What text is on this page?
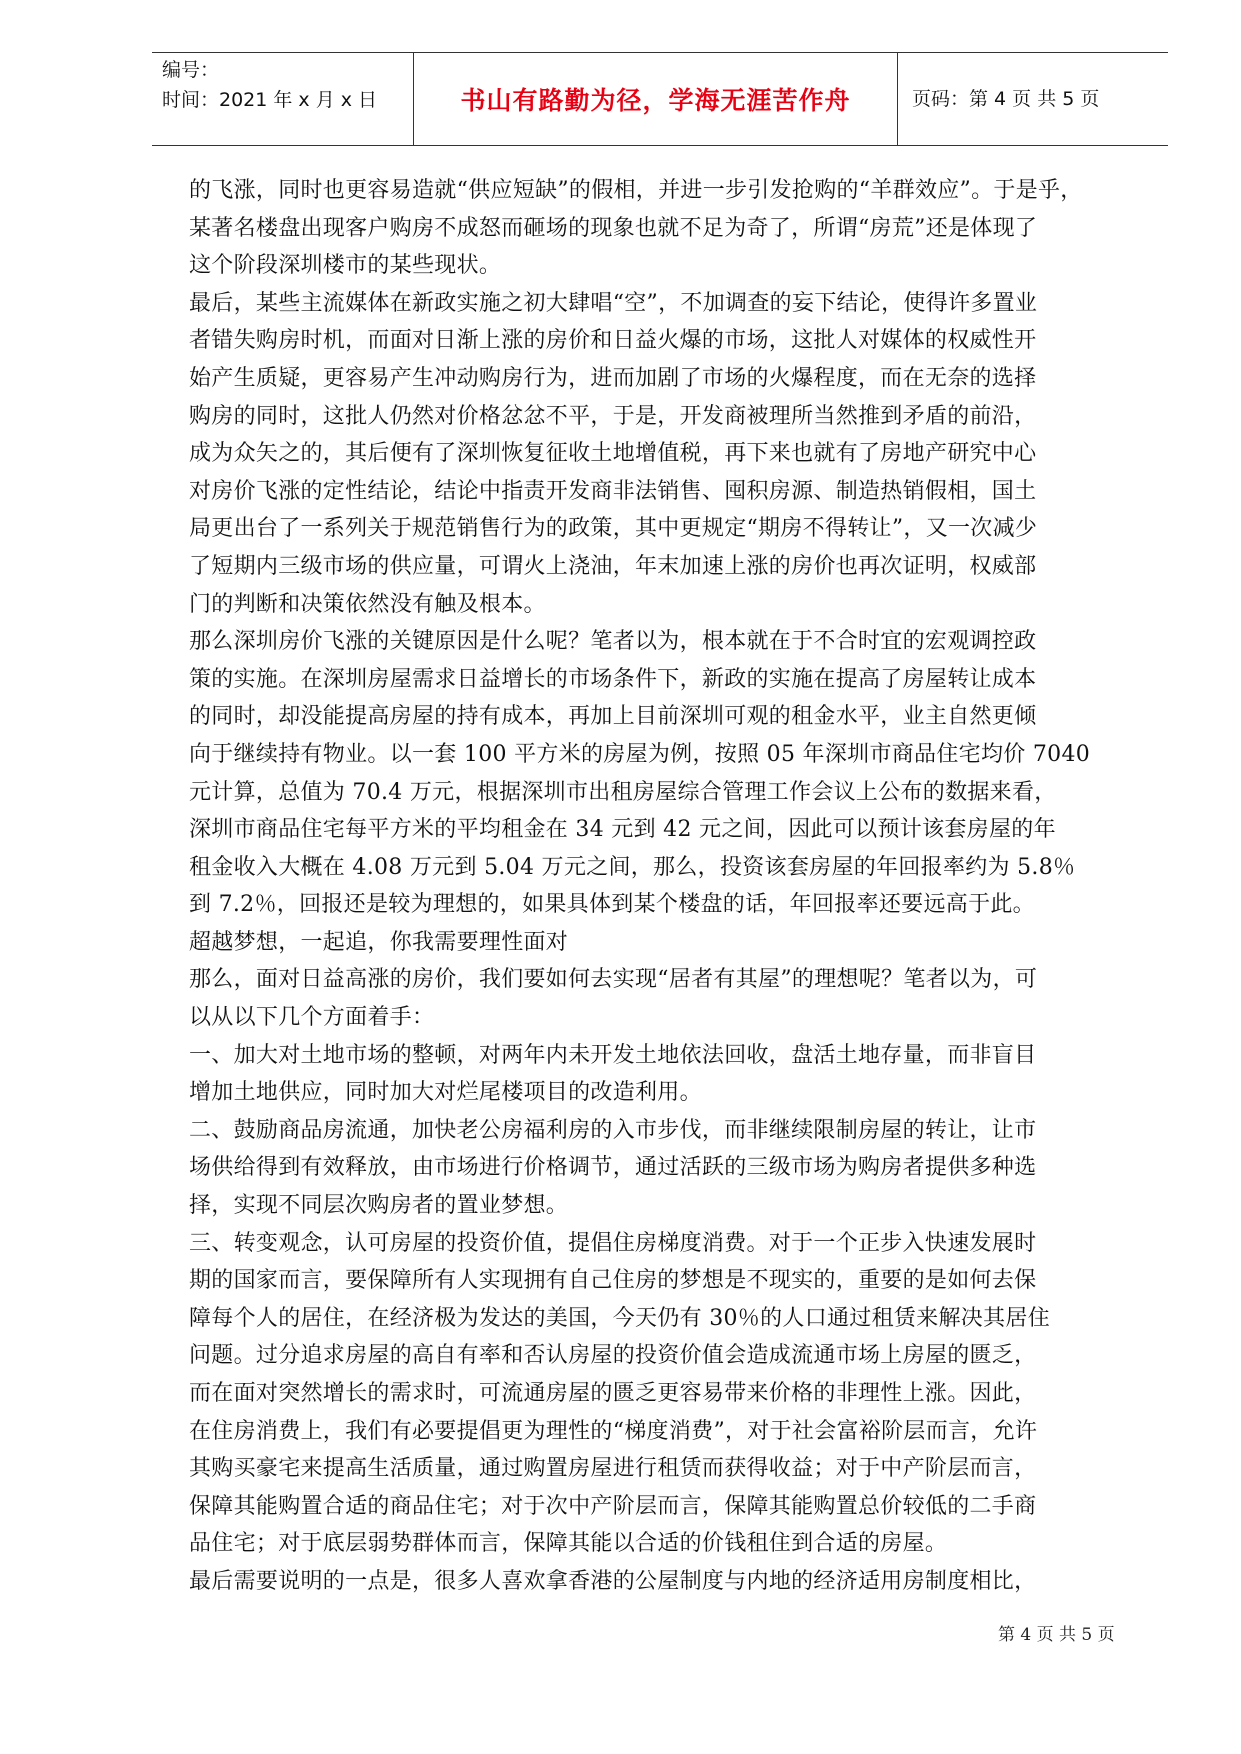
编号：
时间：2021 年 x 月 x 日	书山有路勤为径，学海无涯苦作舟	页码：第 4 页 共 5 页

的飞涨，同时也更容易造就“供应短缺”的假相，并进一步引发抢购的“羊群效应”。于是乎，

某著名楼盘出现客户购房不成怒而砸场的现象也就不足为奇了，所谓“房荒”还是体现了

这个阶段深圳楼市的某些现状。

最后，某些主流媒体在新政实施之初大肆唱“空”，不加调查的妄下结论，使得许多置业

者错失购房时机，而面对日渐上涨的房价和日益火爆的市场，这批人对媒体的权威性开

始产生质疑，更容易产生冲动购房行为，进而加剧了市场的火爆程度，而在无奈的选择

购房的同时，这批人仍然对价格忿忿不平，于是，开发商被理所当然推到矛盾的前沿，

成为众矢之的，其后便有了深圳恢复征收土地增值税，再下来也就有了房地产研究中心

对房价飞涨的定性结论，结论中指责开发商非法销售、囤积房源、制造热销假相，国土

局更出台了一系列关于规范销售行为的政策，其中更规定“期房不得转让”，又一次减少

了短期内三级市场的供应量，可谓火上浇油，年末加速上涨的房价也再次证明，权威部

门的判断和决策依然没有触及根本。

那么深圳房价飞涨的关键原因是什么呢？笔者以为，根本就在于不合时宜的宏观调控政

策的实施。在深圳房屋需求日益增长的市场条件下，新政的实施在提高了房屋转让成本

的同时，却没能提高房屋的持有成本，再加上目前深圳可观的租金水平，业主自然更倾

向于继续持有物业。以一套 100 平方米的房屋为例，按照 05 年深圳市商品住宅均价 7040

元计算，总值为 70.4 万元，根据深圳市出租房屋综合管理工作会议上公布的数据来看，

深圳市商品住宅每平方米的平均租金在 34 元到 42 元之间，因此可以预计该套房屋的年

租金收入大概在 4.08 万元到 5.04 万元之间，那么，投资该套房屋的年回报率约为 5.8％

到 7.2％，回报还是较为理想的，如果具体到某个楼盘的话，年回报率还要远高于此。

超越梦想，一起追，你我需要理性面对

那么，面对日益高涨的房价，我们要如何去实现“居者有其屋”的理想呢？笔者以为，可

以从以下几个方面着手：

一、加大对土地市场的整顿，对两年内未开发土地依法回收，盘活土地存量，而非盲目

增加土地供应，同时加大对烂尾楼项目的改造利用。

二、鼓励商品房流通，加快老公房福利房的入市步伐，而非继续限制房屋的转让，让市

场供给得到有效释放，由市场进行价格调节，通过活跃的三级市场为购房者提供多种选

择，实现不同层次购房者的置业梦想。

三、转变观念，认可房屋的投资价值，提倡住房梯度消费。对于一个正步入快速发展时

期的国家而言，要保障所有人实现拥有自己住房的梦想是不现实的，重要的是如何去保

障每个人的居住，在经济极为发达的美国，今天仍有 30％的人口通过租赁来解决其居住

问题。过分追求房屋的高自有率和否认房屋的投资价值会造成流通市场上房屋的匮乏，

而在面对突然增长的需求时，可流通房屋的匮乏更容易带来价格的非理性上涨。因此，

在住房消费上，我们有必要提倡更为理性的“梯度消费”，对于社会富裕阶层而言，允许

其购买豪宅来提高生活质量，通过购置房屋进行租赁而获得收益；对于中产阶层而言，

保障其能购置合适的商品住宅；对于次中产阶层而言，保障其能购置总价较低的二手商

品住宅；对于底层弱势群体而言，保障其能以合适的价钱租住到合适的房屋。

最后需要说明的一点是，很多人喜欢拿香港的公屋制度与内地的经济适用房制度相比，

第 4 页 共 5 页
